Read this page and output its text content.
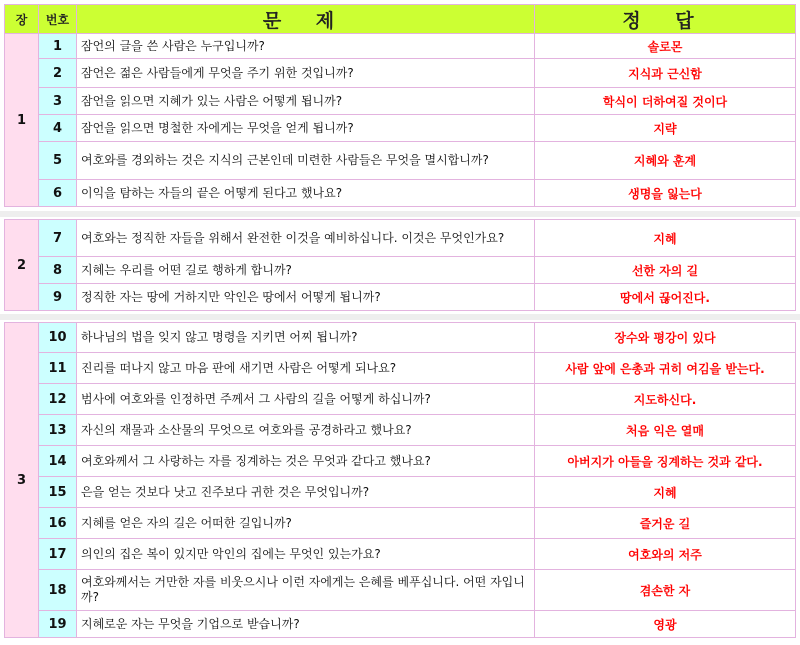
장	번호	문 제	정 답
1	1	잠언의 글을 쓴 사람은 누구입니까?	솔로몬
	2	잠언은 젊은 사람들에게 무엇을 주기 위한 것입니까?	지식과 근신함
	3	잠언을 읽으면 지혜가 있는 사람은 어떻게 됩니까?	학식이 더하여질 것이다
	4	잠언을 읽으면 명철한 자에게는 무엇을 얻게 됩니까?	지략
	5	여호와를 경외하는 것은 지식의 근본인데 미련한 사람들은 무엇을 멸시합니까?	지혜와 훈계
	6	이익을 탐하는 자들의 끝은 어떻게 된다고 했나요?	생명을 잃는다
2	7	여호와는 정직한 자들을 위해서 완전한 이것을 예비하십니다. 이것은 무엇인가요?	지혜
	8	지혜는 우리를 어떤 길로 행하게 합니까?	선한 자의 길
	9	정직한 자는 땅에 거하지만 악인은 땅에서 어떻게 됩니까?	땅에서 끊어진다.
3	10	하나님의 법을 잊지 않고 명령을 지키면 어찌 됩니까?	장수와 평강이 있다
	11	진리를 떠나지 않고 마음 판에 새기면 사람은 어떻게 되나요?	사람 앞에 은총과 귀히 여김을 받는다.
	12	범사에 여호와를 인정하면 주께서 그 사람의 길을 어떻게 하십니까?	지도하신다.
	13	자신의 재물과 소산물의 무엇으로 여호와를 공경하라고 했나요?	처음 익은 열매
	14	여호와께서 그 사랑하는 자를 징계하는 것은 무엇과 같다고 했나요?	아버지가 아들을 징계하는 것과 같다.
	15	은을 얻는 것보다 낫고 진주보다 귀한 것은 무엇입니까?	지혜
	16	지혜를 얻은 자의 길은 어떠한 길입니까?	즐거운 길
	17	의인의 집은 복이 있지만 악인의 집에는 무엇인 있는가요?	여호와의 저주
	18	여호와께서는 거만한 자를 비웃으시나 이런 자에게는 은혜를 베푸십니다. 어떤 자입니까?	겸손한 자
	19	지혜로운 자는 무엇을 기업으로 받습니까?	영광
